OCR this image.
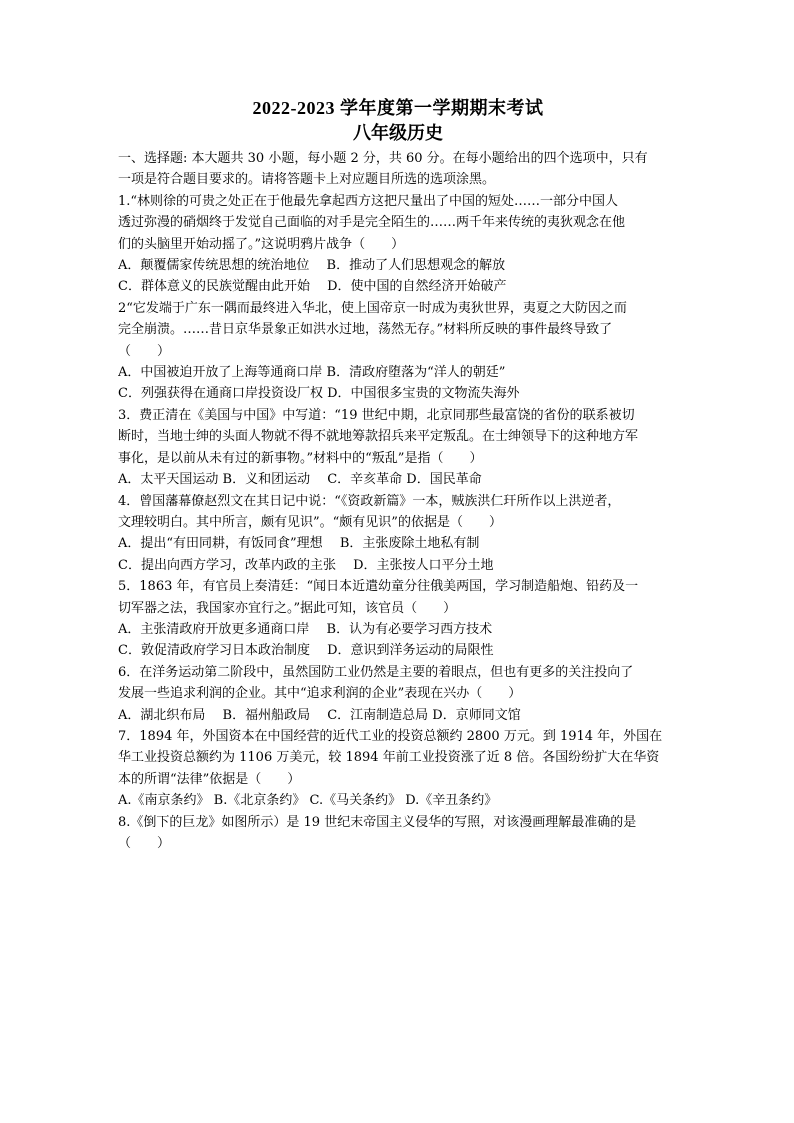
2022-2023 学年度第一学期期末考试
八年级历史

一、选择题: 本大题共 30 小题，每小题 2 分，共 60 分。在每小题给出的四个选项中，只有

一项是符合题目要求的。请将答题卡上对应题目所选的选项涂黑。

1.“林则徐的可贵之处正在于他最先拿起西方这把尺量出了中国的短处……一部分中国人

透过弥漫的硝烟终于发觉自己面临的对手是完全陌生的……两千年来传统的夷狄观念在他

们的头脑里开始动摇了。”这说明鸦片战争（　　）

A．颠覆儒家传统思想的统治地位　 B．推动了人们思想观念的解放

C．群体意义的民族觉醒由此开始　 D．使中国的自然经济开始破产

2“它发端于广东一隅而最终进入华北，使上国帝京一时成为夷狄世界，夷夏之大防因之而

完全崩溃。……昔日京华景象正如洪水过地，荡然无存。”材料所反映的事件最终导致了

（　　）

A．中国被迫开放了上海等通商口岸 B．清政府堕落为“洋人的朝廷”

C．列强获得在通商口岸投资设厂权 D．中国很多宝贵的文物流失海外

3．费正清在《美国与中国》中写道：“19 世纪中期，北京同那些最富饶的省份的联系被切

断时，当地士绅的头面人物就不得不就地筹款招兵来平定叛乱。在士绅领导下的这种地方军

事化，是以前从未有过的新事物。”材料中的“叛乱”是指（　　）

A．太平天国运动 B．义和团运动　 C．辛亥革命 D．国民革命

4．曾国藩幕僚赵烈文在其日记中说：“《资政新篇》一本，贼族洪仁玕所作以上洪逆者，

文理较明白。其中所言，颇有见识”。“颇有见识”的依据是（　　）

A．提出“有田同耕，有饭同食”理想　 B．主张废除土地私有制

C．提出向西方学习，改革内政的主张　 D．主张按人口平分土地

5．1863 年，有官员上奏清廷：“闻日本近遣幼童分往俄美两国，学习制造船炮、铅药及一

切军器之法，我国家亦宜行之。”据此可知，该官员（　　）

A．主张清政府开放更多通商口岸　 B．认为有必要学习西方技术

C．敦促清政府学习日本政治制度　 D．意识到洋务运动的局限性

6．在洋务运动第二阶段中，虽然国防工业仍然是主要的着眼点，但也有更多的关注投向了

发展一些追求利润的企业。其中“追求利润的企业”表现在兴办（　　）

A．湖北织布局　 B．福州船政局　 C．江南制造总局 D．京师同文馆

7．1894 年，外国资本在中国经营的近代工业的投资总额约 2800 万元。到 1914 年，外国在

华工业投资总额约为 1106 万美元，较 1894 年前工业投资涨了近 8 倍。各国纷纷扩大在华资

本的所谓“法律”依据是（　　）

A.《南京条约》 B.《北京条约》 C.《马关条约》 D.《辛丑条约》

8.《倒下的巨龙》如图所示）是 19 世纪末帝国主义侵华的写照，对该漫画理解最准确的是

（　　）
